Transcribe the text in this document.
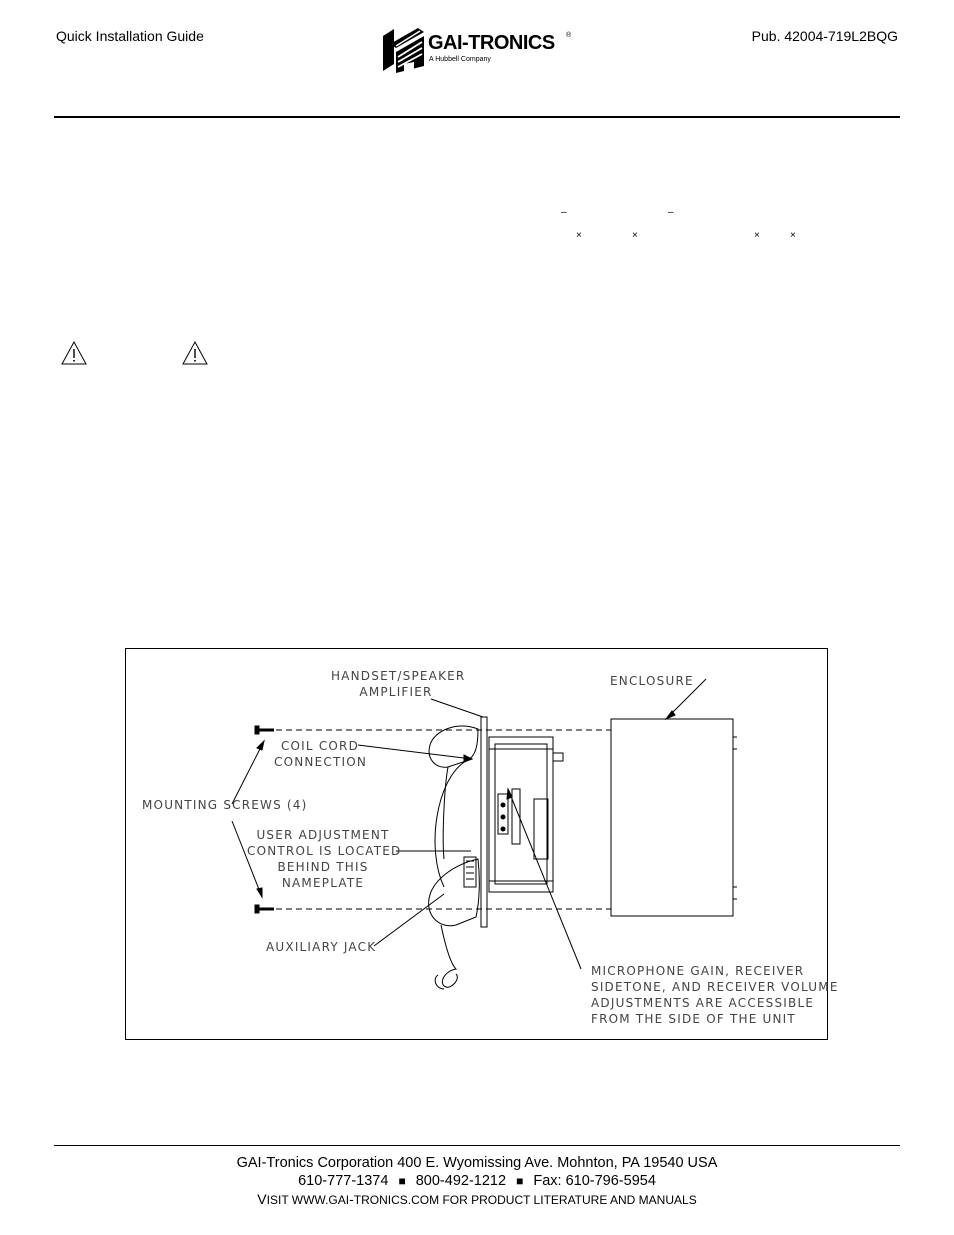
Quick Installation Guide	GAI-TRONICS ®
A Hubbell Company
Pub. 42004-719L2BQG
–	–
×	×	×	×
HANDSET/SPEAKER
AMPLIFIER
ENCLOSURE
COIL CORD
CONNECTION
MOUNTING SCREWS (4)
USER ADJUSTMENT
CONTROL IS LOCATED
BEHIND THIS
NAMEPLATE
AUXILIARY JACK
MICROPHONE GAIN, RECEIVER
SIDETONE, AND RECEIVER VOLUME
ADJUSTMENTS ARE ACCESSIBLE
FROM THE SIDE OF THE UNIT
GAI-Tronics Corporation 400 E. Wyomissing Ave. Mohnton, PA 19540 USA
610-777-1374 ■ 800-492-1212 ■ Fax: 610-796-5954
VISIT WWW.GAI-TRONICS.COM FOR PRODUCT LITERATURE AND MANUALS
